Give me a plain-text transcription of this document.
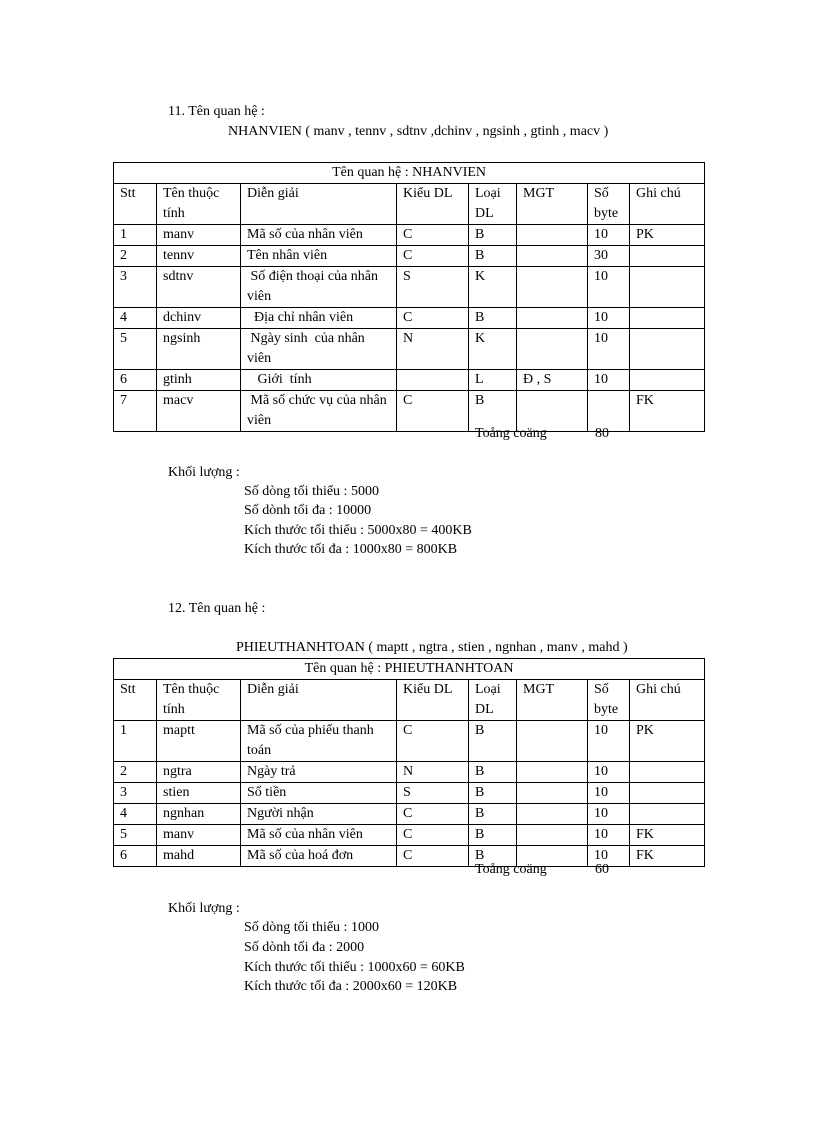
11. Tên quan hệ :
NHANVIEN ( manv , tennv , sdtnv ,dchinv , ngsinh , gtinh , macv )
Tên quan hệ : NHANVIEN							
Stt	Tên thuộc tính	Diễn giải	Kiểu DL	Loại DL	MGT	Số byte	Ghi chú
1	manv	Mã số của nhân viên	C	B		10	PK
2	tennv	Tên nhân viên	C	B		30	
3	sdtnv	Số điện thoại của nhân viên	S	K		10	
4	dchinv	Địa chỉ nhân viên	C	B		10	
5	ngsinh	Ngày sinh  của nhân viên	N	K		10	
6	gtinh	Giới  tính		L	Đ , S	10	
7	macv	Mã số chức vụ của nhân  viên	C	B			FK
Toång coäng	80
Khối lượng :
Số dòng tối thiểu : 5000
Số dònh tối đa : 10000
Kích thước tối thiểu : 5000x80 = 400KB
Kích thước tối đa : 1000x80 = 800KB
12. Tên quan hệ :
PHIEUTHANHTOAN ( maptt , ngtra , stien , ngnhan , manv , mahd )
Tên quan hệ : PHIEUTHANHTOAN							
Stt	Tên thuộc tính	Diễn giải	Kiểu DL	Loại DL	MGT	Số byte	Ghi chú
1	maptt	Mã số của phiếu thanh  toán	C	B		10	PK
2	ngtra	Ngày trả	N	B		10	
3	stien	Số tiền	S	B		10	
4	ngnhan	Người nhận	C	B		10	
5	manv	Mã số của nhân viên	C	B		10	FK
6	mahd	Mã số của hoá đơn	C	B		10	FK
Toång coäng	60
Khối lượng :
Số dòng tối thiểu : 1000
Số dònh tối đa : 2000
Kích thước tối thiểu : 1000x60 = 60KB
Kích thước tối đa : 2000x60 = 120KB
